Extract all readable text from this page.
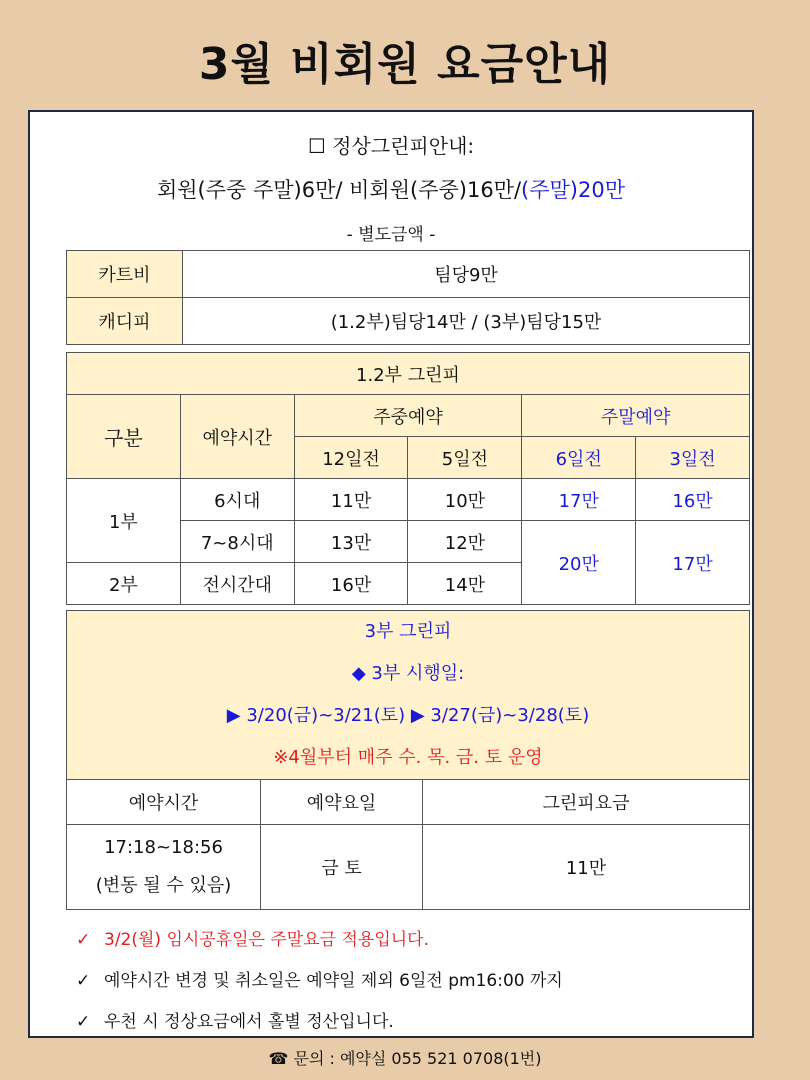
3월 비회원 요금안내
☐ 정상그린피안내:
회원(주중 주말)6만/ 비회원(주중)16만/(주말)20만
- 별도금액 -
카트비	팀당9만
캐디피	(1.2부)팀당14만 / (3부)팀당15만
1.2부 그린피					
구분	예약시간	주중예약		주말예약	
		12일전	5일전	6일전	3일전
1부	6시대	11만	10만	17만	16만
	7~8시대	13만	12만	20만	17만
2부	전시간대	16만	14만		
3부 그린피
◆ 3부 시행일:
▶ 3/20(금)~3/21(토) ▶ 3/27(금)~3/28(토)
※4월부터 매주 수. 목. 금. 토 운영		

예약시간	예약요일	그린피요금

17:18~18:56
(변동 될 수 있음)	금 토	11만
✓ 3/2(월) 임시공휴일은 주말요금 적용입니다.
✓ 예약시간 변경 및 취소일은 예약일 제외 6일전 pm16:00 까지
✓ 우천 시 정상요금에서 홀별 정산입니다.
☎ 문의 : 예약실 055 521 0708(1번)
